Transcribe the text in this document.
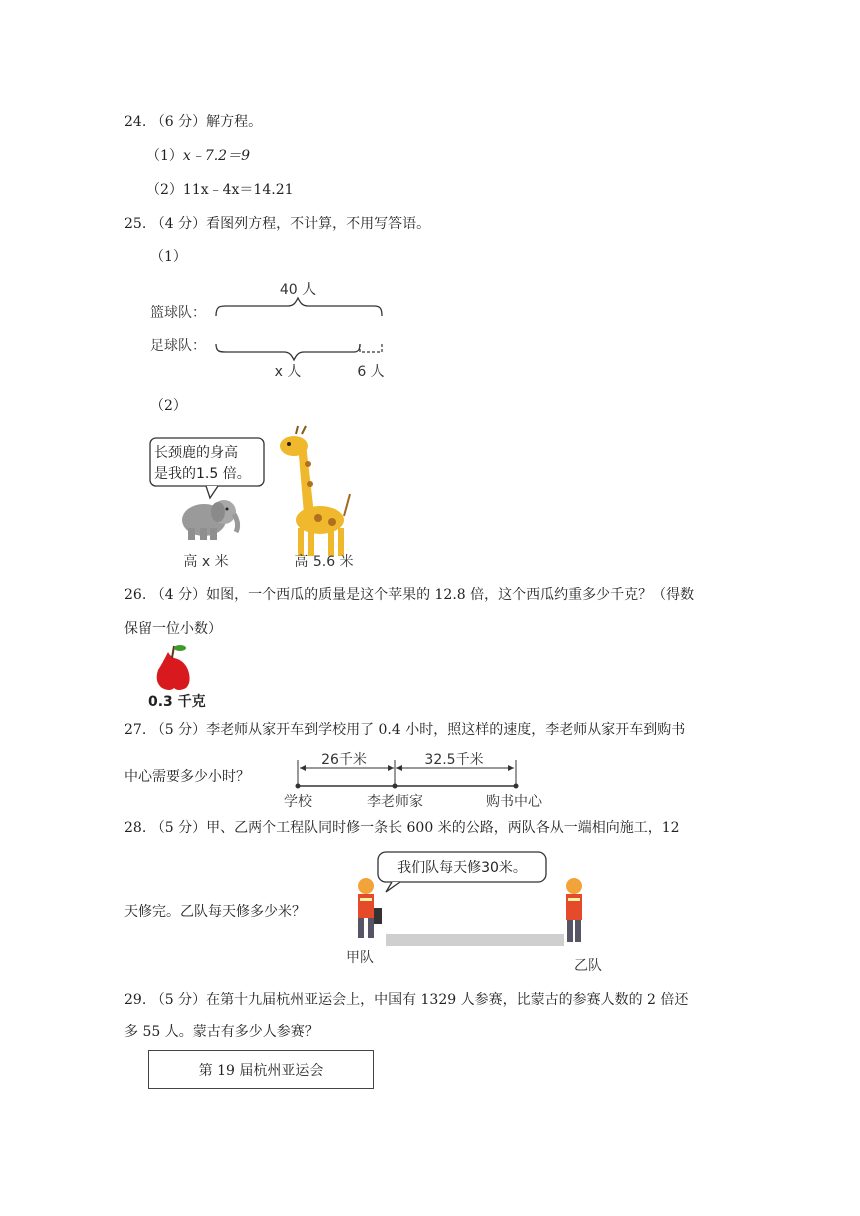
24. （6 分）解方程。
（1）x﹣7.2＝9
（2）11x﹣4x＝14.21
25. （4 分）看图列方程，不计算，不用写答语。
（1）
40 人
篮球队：
足球队：
x 人	6 人
（2）
长颈鹿的身高
是我的1.5 倍。
高 x 米	高 5.6 米
26. （4 分）如图，一个西瓜的质量是这个苹果的 12.8 倍，这个西瓜约重多少千克？（得数
保留一位小数）
0.3 千克
27. （5 分）李老师从家开车到学校用了 0.4 小时，照这样的速度，李老师从家开车到购书
中心需要多少小时？
26千米	32.5千米
学校	李老师家	购书中心
28. （5 分）甲、乙两个工程队同时修一条长 600 米的公路，两队各从一端相向施工，12
天修完。乙队每天修多少米？
我们队每天修30米。
甲队	乙队
29. （5 分）在第十九届杭州亚运会上，中国有 1329 人参赛，比蒙古的参赛人数的 2 倍还
多 55 人。蒙古有多少人参赛？
第 19 届杭州亚运会
